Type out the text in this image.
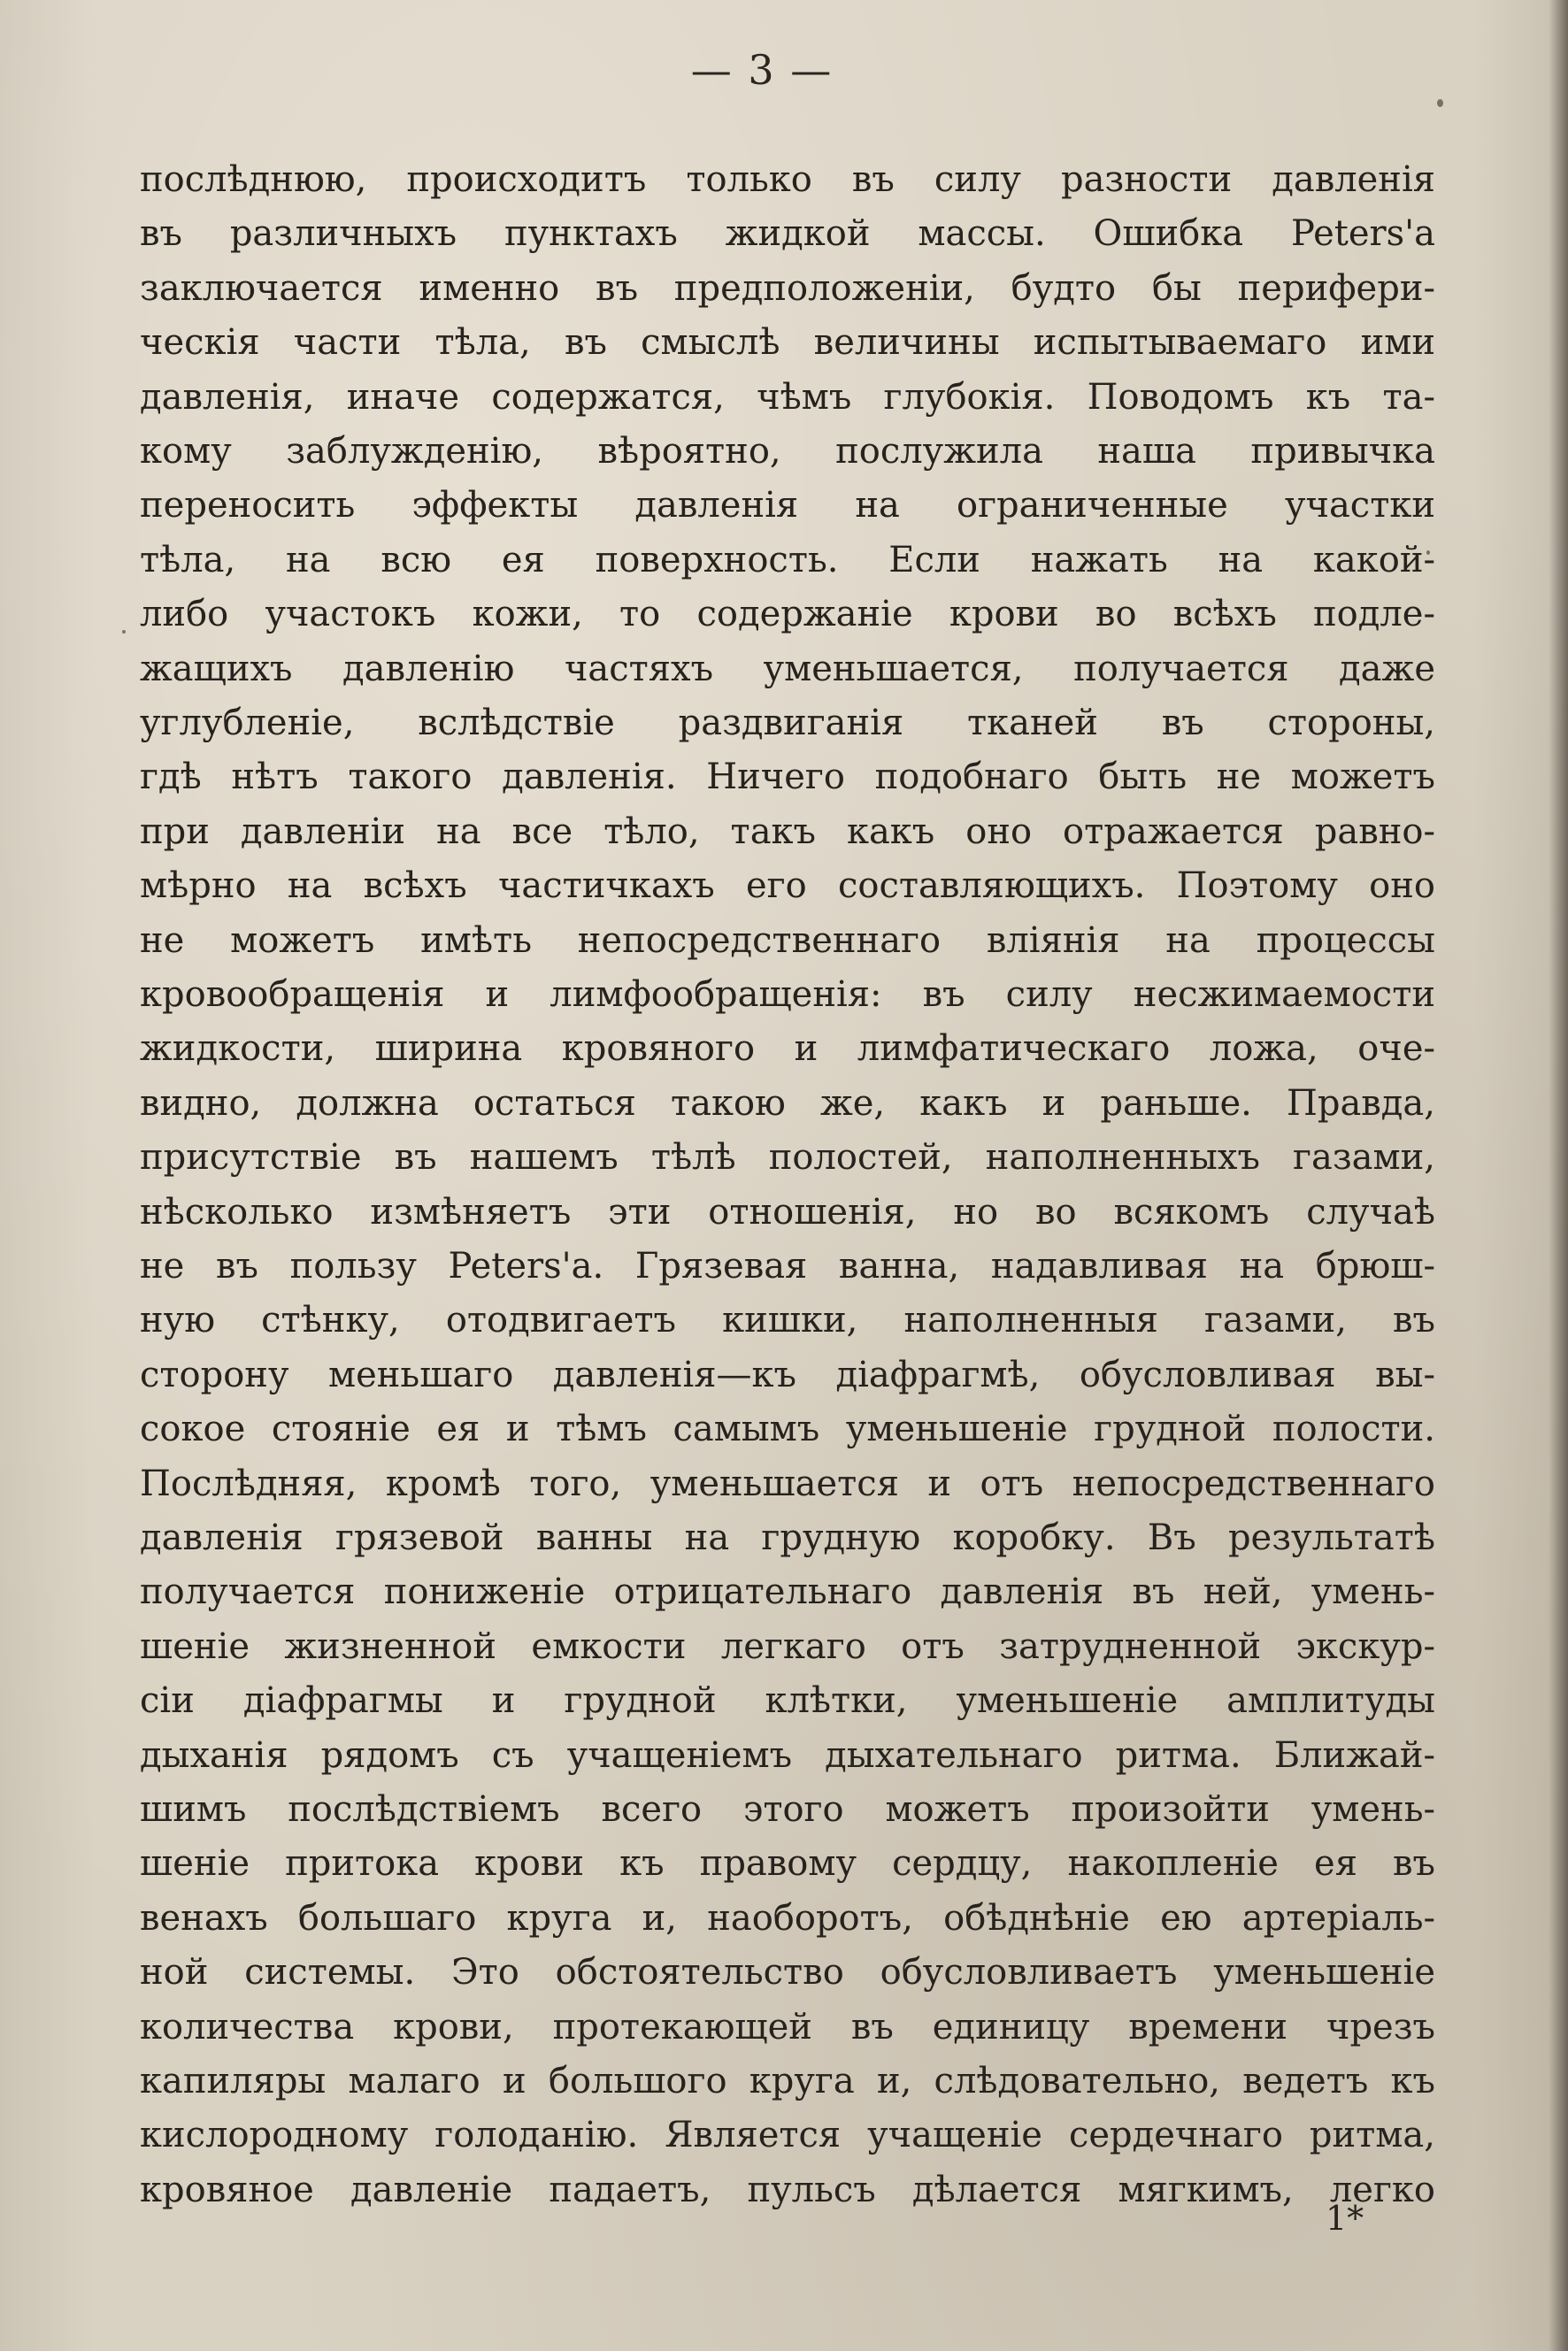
— 3 —
послѣднюю, происходитъ только въ силу разности давленія
въ различныхъ пунктахъ жидкой массы. Ошибка Peters'а
заключается именно въ предположеніи, будто бы перифери-
ческія части тѣла, въ смыслѣ величины испытываемаго ими
давленія, иначе содержатся, чѣмъ глубокія. Поводомъ къ та-
кому заблужденію, вѣроятно, послужила наша привычка
переносить эффекты давленія на ограниченные участки
тѣла, на всю ея поверхность. Если нажать на какой-
либо участокъ кожи, то содержаніе крови во всѣхъ подле-
жащихъ давленію частяхъ уменьшается, получается даже
углубленіе, вслѣдствіе раздвиганія тканей въ стороны,
гдѣ нѣтъ такого давленія. Ничего подобнаго быть не можетъ
при давленіи на все тѣло, такъ какъ оно отражается равно-
мѣрно на всѣхъ частичкахъ его составляющихъ. Поэтому оно
не можетъ имѣть непосредственнаго вліянія на процессы
кровообращенія и лимфообращенія: въ силу несжимаемости
жидкости, ширина кровяного и лимфатическаго ложа, оче-
видно, должна остаться такою же, какъ и раньше. Правда,
присутствіе въ нашемъ тѣлѣ полостей, наполненныхъ газами,
нѣсколько измѣняетъ эти отношенія, но во всякомъ случаѣ
не въ пользу Peters'а. Грязевая ванна, надавливая на брюш-
ную стѣнку, отодвигаетъ кишки, наполненныя газами, въ
сторону меньшаго давленія—къ діафрагмѣ, обусловливая вы-
сокое стояніе ея и тѣмъ самымъ уменьшеніе грудной полости.
Послѣдняя, кромѣ того, уменьшается и отъ непосредственнаго
давленія грязевой ванны на грудную коробку. Въ результатѣ
получается пониженіе отрицательнаго давленія въ ней, умень-
шеніе жизненной емкости легкаго отъ затрудненной экскур-
сіи діафрагмы и грудной клѣтки, уменьшеніе амплитуды
дыханія рядомъ съ учащеніемъ дыхательнаго ритма. Ближай-
шимъ послѣдствіемъ всего этого можетъ произойти умень-
шеніе притока крови къ правому сердцу, накопленіе ея въ
венахъ большаго круга и, наоборотъ, обѣднѣніе ею артеріаль-
ной системы. Это обстоятельство обусловливаетъ уменьшеніе
количества крови, протекающей въ единицу времени чрезъ
капиляры малаго и большого круга и, слѣдовательно, ведетъ къ
кислородному голоданію. Является учащеніе сердечнаго ритма,
кровяное давленіе падаетъ, пульсъ дѣлается мягкимъ, легко
1*
